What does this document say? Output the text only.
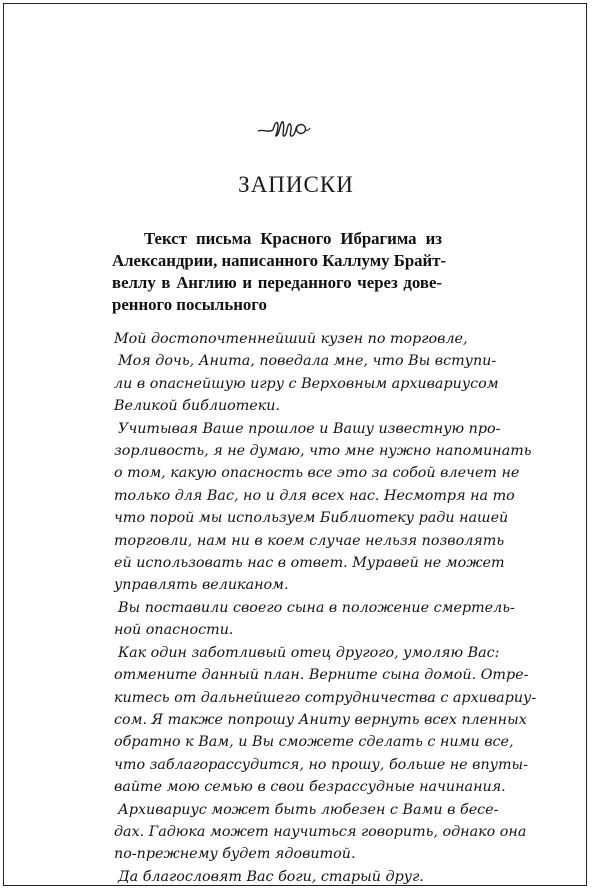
ЗАПИСКИ
Текст письма Красного Ибрагима из
Александрии, написанного Каллуму Брайт-
веллу в Англию и переданного через дове-
ренного посыльного
Мой достопочтеннейший кузен по торговле,
Моя дочь, Анита, поведала мне, что Вы вступи-
ли в опаснейшую игру с Верховным архивариусом
Великой библиотеки.
Учитывая Ваше прошлое и Вашу известную про-
зорливость, я не думаю, что мне нужно напоминать
о том, какую опасность все это за собой влечет не
только для Вас, но и для всех нас. Несмотря на то
что порой мы используем Библиотеку ради нашей
торговли, нам ни в коем случае нельзя позволять
ей использовать нас в ответ. Муравей не может
управлять великаном.
Вы поставили своего сына в положение смертель-
ной опасности.
Как один заботливый отец другого, умоляю Вас:
отмените данный план. Верните сына домой. Отре-
китесь от дальнейшего сотрудничества с архивариу-
сом. Я также попрошу Аниту вернуть всех пленных
обратно к Вам, и Вы сможете сделать с ними все,
что заблагорассудится, но прошу, больше не впуты-
вайте мою семью в свои безрассудные начинания.
Архивариус может быть любезен с Вами в бесе-
дах. Гадюка может научиться говорить, однако она
по-прежнему будет ядовитой.
Да благословят Вас боги, старый друг.
